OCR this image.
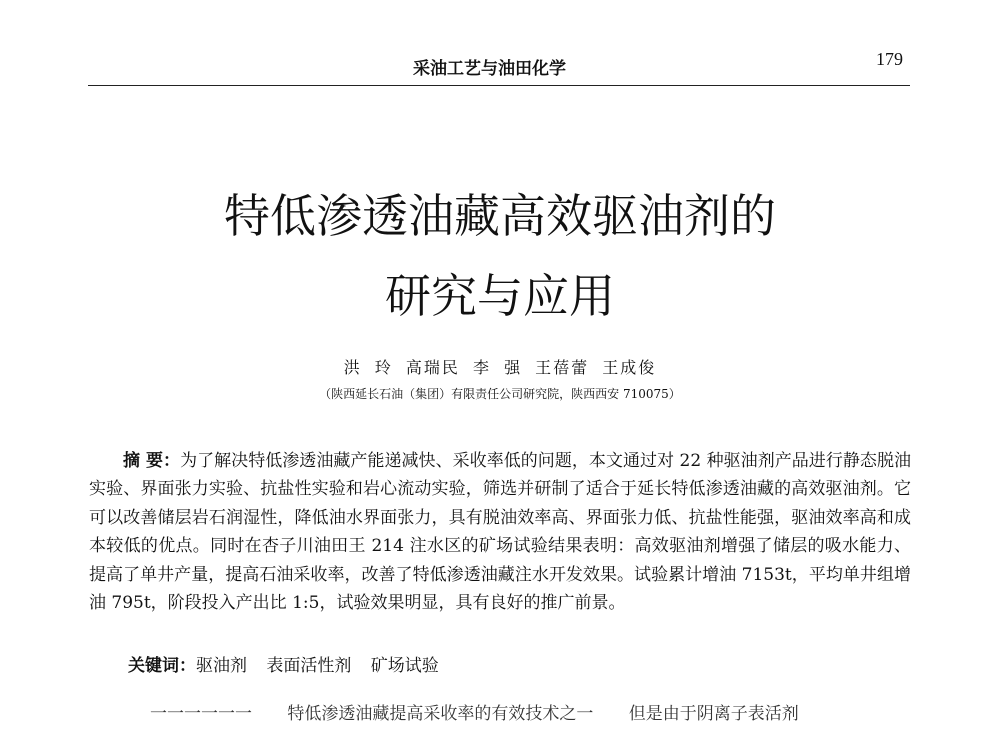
采油工艺与油田化学	179
特低渗透油藏高效驱油剂的
研究与应用
洪 玲 高瑞民 李 强 王蓓蕾 王成俊
（陕西延长石油（集团）有限责任公司研究院，陕西西安 710075）

摘 要：为了解决特低渗透油藏产能递减快、采收率低的问题，本文通过对 22 种驱油剂产品进行静态脱油实验、界面张力实验、抗盐性实验和岩心流动实验，筛选并研制了适合于延长特低渗透油藏的高效驱油剂。它可以改善储层岩石润湿性，降低油水界面张力，具有脱油效率高、界面张力低、抗盐性能强，驱油效率高和成本较低的优点。同时在杏子川油田王 214 注水区的矿场试验结果表明：高效驱油剂增强了储层的吸水能力、提高了单井产量，提高石油采收率，改善了特低渗透油藏注水开发效果。试验累计增油 7153t，平均单井组增油 795t，阶段投入产出比 1:5，试验效果明显，具有良好的推广前景。

关键词：驱油剂 表面活性剂 矿场试验
一一一一一一 特低渗透油藏提高采收率的有效技术之一 但是由于阴离子表活剂
